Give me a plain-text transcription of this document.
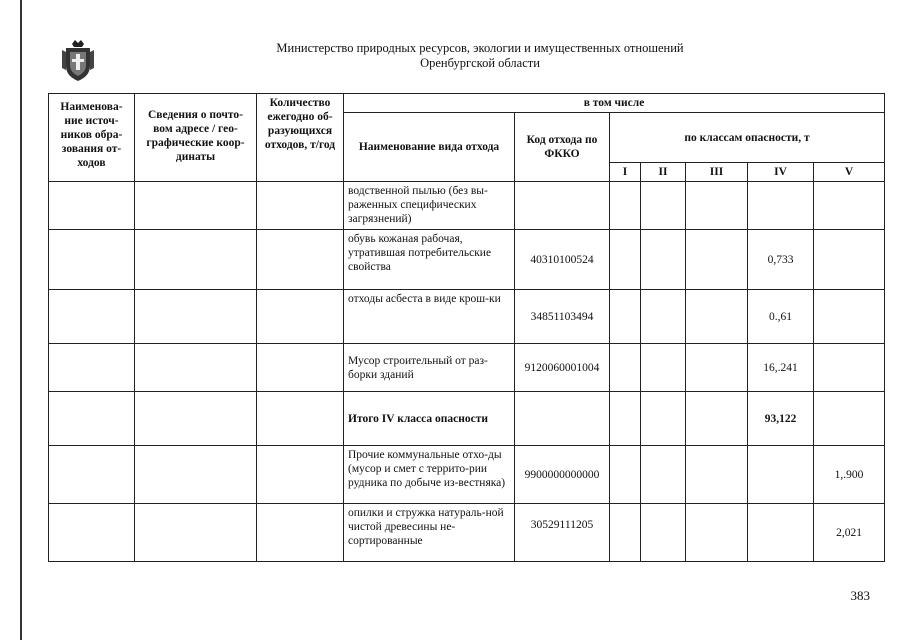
Министерство природных ресурсов, экологии и имущественных отношений
Оренбургской области
Наименова-ние источ-ников обра-зования от-ходов	Сведения о почто-вом адресе / гео-графические коор-динаты	Количество ежегодно об-разующихся отходов, т/год	в том числе						
			Наименование вида отхода	Код отхода по ФККО	по классам опасности, т				
					I	II	III	IV	V
			водственной пылью (без вы-раженных специфических загрязнений)						
			обувь кожаная рабочая, утратившая потребительские свойства	40310100524				0,733	
			отходы асбеста в виде крош-ки	34851103494				0.,61	
			Мусор строительный от раз-борки зданий	9120060001004				16,.241	
			Итого IV класса опасности					93,122	
			Прочие коммунальные отхо-ды (мусор и смет с террито-рии рудника по добыче из-вестняка)	9900000000000					1,.900
			опилки и стружка натураль-ной чистой древесины не-сортированные	30529111205					2,021
383
